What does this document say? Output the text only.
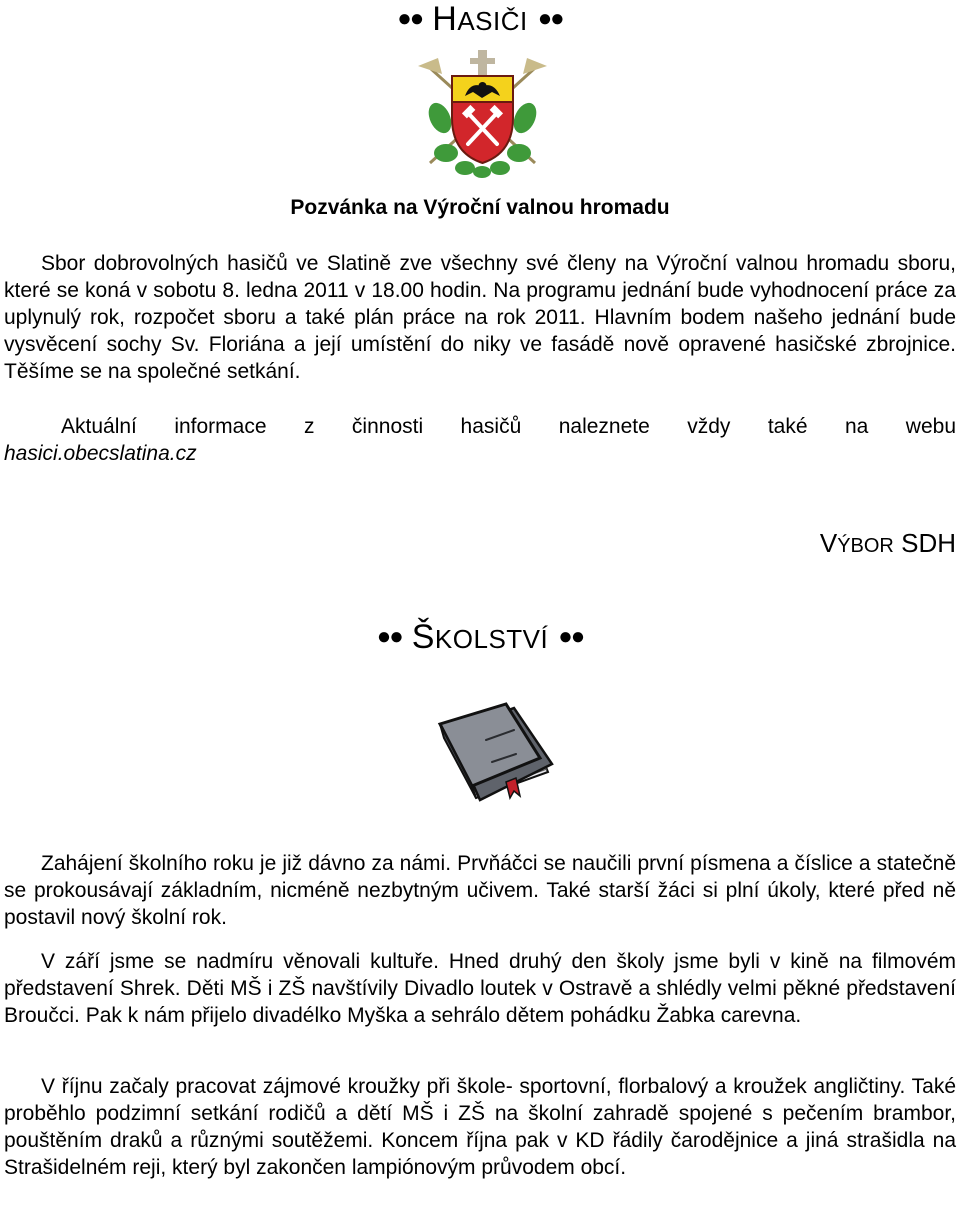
●● HASIČI ●●
Pozvánka na Výroční valnou hromadu
Sbor dobrovolných hasičů ve Slatině zve všechny své členy na Výroční valnou hromadu sboru, které se koná v sobotu 8. ledna 2011 v 18.00 hodin. Na programu jednání bude vyhodnocení práce za uplynulý rok, rozpočet sboru a také plán práce na rok 2011. Hlavním bodem našeho jednání bude vysvěcení sochy Sv. Floriána a její umístění do niky ve fasádě nově opravené hasičské zbrojnice. Těšíme se na společné setkání.
Aktuální informace z činnosti hasičů naleznete vždy také na webu
hasici.obecslatina.cz
VÝBOR SDH
●● ŠKOLSTVÍ ●●
Zahájení školního roku je již dávno za námi. Prvňáčci se naučili první písmena a číslice a statečně se prokousávají základním, nicméně nezbytným učivem. Také starší žáci si plní úkoly, které před ně postavil nový školní rok.
V září jsme se nadmíru věnovali kultuře. Hned druhý den školy jsme byli v kině na filmovém představení Shrek. Děti MŠ i ZŠ navštívily Divadlo loutek v Ostravě a shlédly velmi pěkné představení Broučci. Pak k nám přijelo divadélko Myška a sehrálo dětem pohádku Žabka carevna.
V říjnu začaly pracovat zájmové kroužky při škole- sportovní, florbalový a kroužek angličtiny. Také proběhlo podzimní setkání rodičů a dětí MŠ i ZŠ na školní zahradě spojené s pečením brambor, pouštěním draků a různými soutěžemi. Koncem října pak v KD řádily čarodějnice a jiná strašidla na Strašidelném reji, který byl zakončen lampiónovým průvodem obcí.
